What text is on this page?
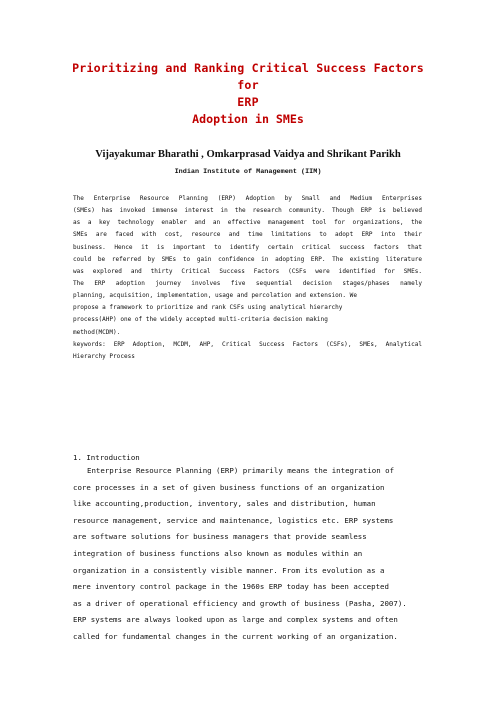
Prioritizing and Ranking Critical Success Factors for
ERP
Adoption in SMEs
Vijayakumar Bharathi , Omkarprasad Vaidya and Shrikant Parikh
Indian Institute of Management (IIM)
The Enterprise Resource Planning (ERP) Adoption by Small and Medium Enterprises
(SMEs) has invoked immense interest in the research community. Though ERP is believed
as a key technology enabler and an effective management tool for organizations, the
SMEs are faced with cost, resource and time limitations to adopt ERP into their
business. Hence it is important to identify certain critical success factors that
could be referred by SMEs to gain confidence in adopting ERP. The existing literature
was explored and thirty Critical Success Factors (CSFs were identified for SMEs.
The ERP adoption journey involves five sequential decision stages/phases namely
planning, acquisition, implementation, usage and percolation and extension. We
propose a framework to prioritize and rank CSFs using analytical hierarchy
process(AHP) one of the widely accepted multi-criteria decision making
method(MCDM).
keywords: ERP Adoption, MCDM, AHP, Critical Success Factors (CSFs), SMEs, Analytical
Hierarchy Process
1. Introduction
Enterprise Resource Planning (ERP) primarily means the integration of
core processes in a set of given business functions of an organization
like accounting,production, inventory, sales and distribution, human
resource management, service and maintenance, logistics etc. ERP systems
are software solutions for business managers that provide seamless
integration of business functions also known as modules within an
organization in a consistently visible manner. From its evolution as a
mere inventory control package in the 1960s ERP today has been accepted
as a driver of operational efficiency and growth of business (Pasha, 2007).
ERP systems are always looked upon as large and complex systems and often
called for fundamental changes in the current working of an organization.
